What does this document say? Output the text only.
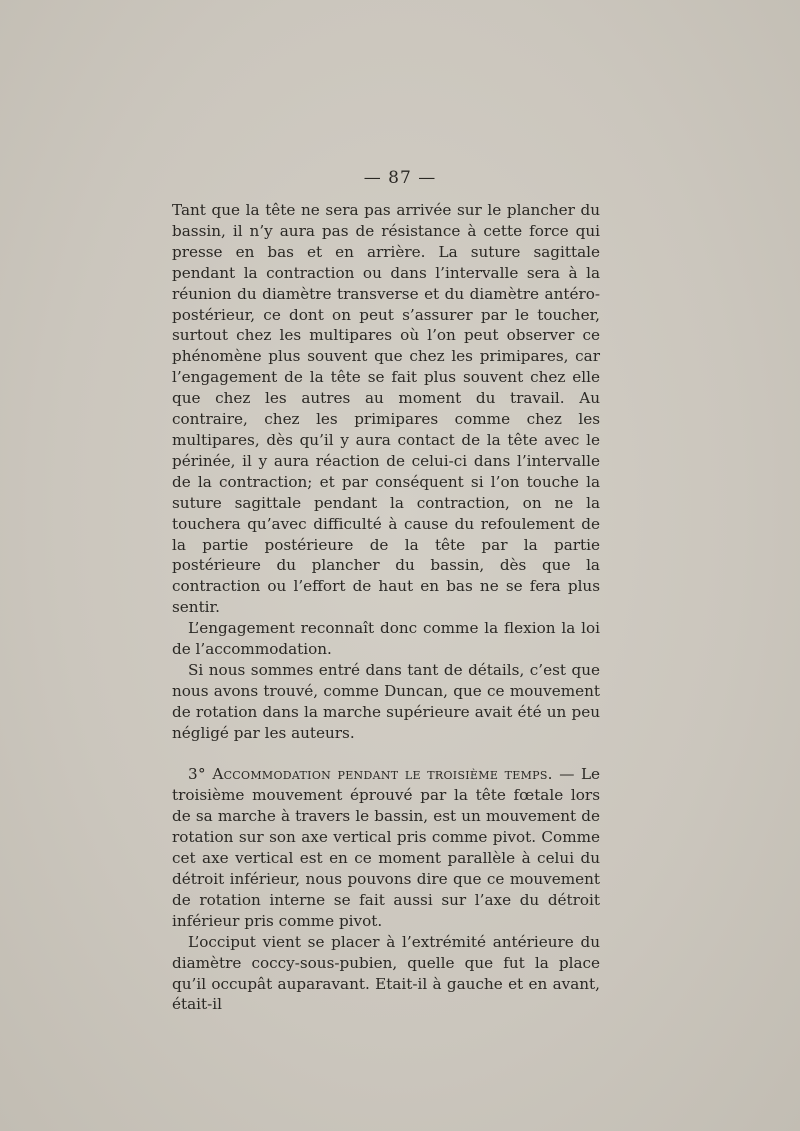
— 87 —

Tant que la tête ne sera pas arrivée sur le plancher du bassin, il n’y aura pas de résistance à cette force qui presse en bas et en arrière. La suture sagittale pendant la contraction ou dans l’intervalle sera à la réunion du diamètre transverse et du diamètre antéro-postérieur, ce dont on peut s’assurer par le toucher, surtout chez les multipares où l’on peut observer ce phénomène plus souvent que chez les primipares, car l’engagement de la tête se fait plus souvent chez elle que chez les autres au moment du travail. Au contraire, chez les primipares comme chez les multipares, dès qu’il y aura contact de la tête avec le périnée, il y aura réaction de celui-ci dans l’intervalle de la contraction; et par conséquent si l’on touche la suture sagittale pendant la contraction, on ne la touchera qu’avec difficulté à cause du refoulement de la partie postérieure de la tête par la partie postérieure du plancher du bassin, dès que la contraction ou l’effort de haut en bas ne se fera plus sentir.

L’engagement reconnaît donc comme la flexion la loi de l’accommodation.

Si nous sommes entré dans tant de détails, c’est que nous avons trouvé, comme Duncan, que ce mouvement de rotation dans la marche supérieure avait été un peu négligé par les auteurs.

3° Accommodation pendant le troisième temps. — Le troisième mouvement éprouvé par la tête fœtale lors de sa marche à travers le bassin, est un mouvement de rotation sur son axe vertical pris comme pivot. Comme cet axe vertical est en ce moment parallèle à celui du détroit inférieur, nous pouvons dire que ce mouvement de rotation interne se fait aussi sur l’axe du détroit inférieur pris comme pivot.

L’occiput vient se placer à l’extrémité antérieure du diamètre coccy-sous-pubien, quelle que fut la place qu’il occupât auparavant. Etait-il à gauche et en avant, était-il
